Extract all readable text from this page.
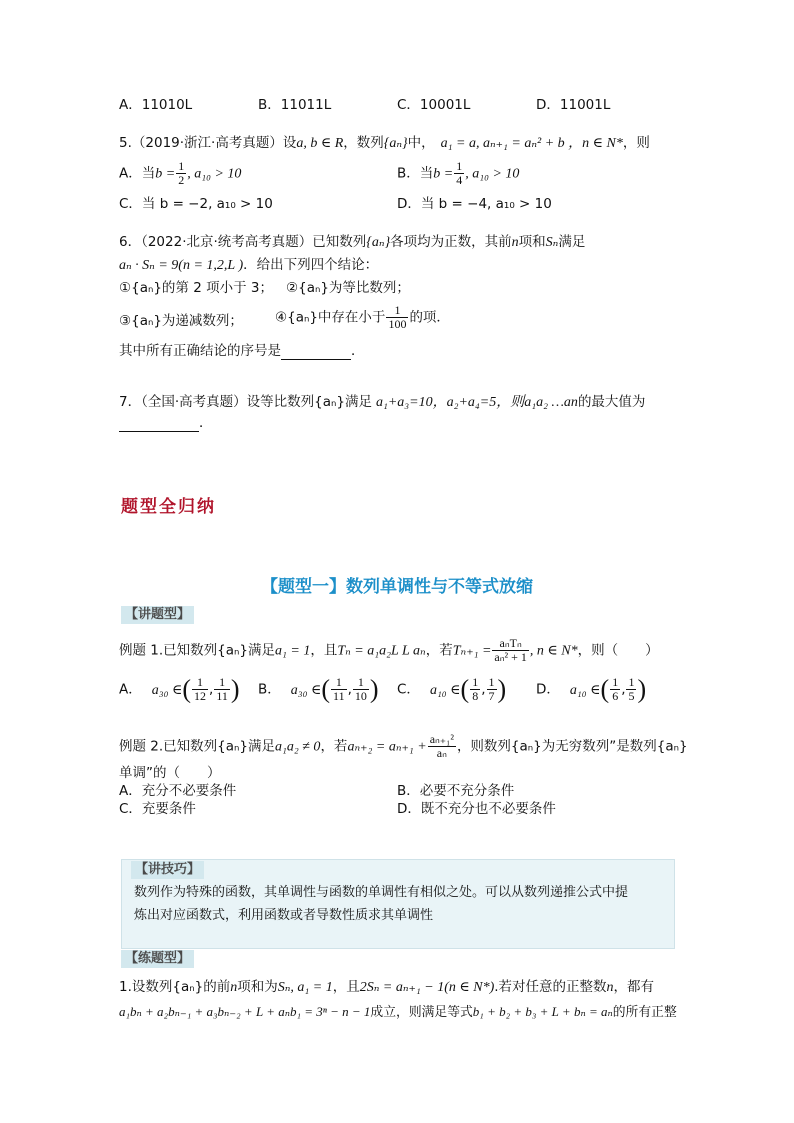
A．11010L	B．11011L	C．10001L	D．11001L
5.（2019·浙江·高考真题）设a, b ∈ R，数列{aₙ}中， a₁ = a, aₙ₊₁ = aₙ² + b ，n ∈ N*，则
A．当$b = \frac{1}{2}$ , a₁₀ > 10	B．当$b = \frac{1}{4}$ , a₁₀ > 10
C．当 b = −2, a₁₀ > 10	D．当 b = −4, a₁₀ > 10
6．（2022·北京·统考高考真题）已知数列{aₙ}各项均为正数，其前n项和Sₙ满足
aₙ · Sₙ = 9(n = 1,2,L )．给出下列四个结论：
①{aₙ}的第 2 项小于 3； ②{aₙ}为等比数列；
③{aₙ}为递减数列； ④{aₙ}中存在小于 $\frac{1}{100}$ 的项．
其中所有正确结论的序号是	．
7．（全国·高考真题）设等比数列{aₙ}满足 a₁+a₃=10，a₂+a₄=5，则a₁a₂ …an的最大值为
．
题型全归纳
【题型一】数列单调性与不等式放缩
【讲题型】
例题 1.已知数列{aₙ}满足a₁ = 1，且Tₙ = a₁a₂L L aₙ，若$T_{n+1} = \frac{\text{aₙTₙ}}{\text{aₙ² + 1}}$ , n ∈ N*，则（　　）
A． a₃₀ ∈( $\frac{1}{12}$ , $\frac{1}{11}$ ) B． a₃₀ ∈( $\frac{1}{11}$ , $\frac{1}{10}$ ) C． a₁₀ ∈( $\frac{1}{8}$ , $\frac{1}{7}$ ) D． a₁₀ ∈( $\frac{1}{6}$ , $\frac{1}{5}$ )
例题 2.已知数列{aₙ}满足a₁a₂ ≠ 0，若$a_{n+2} = a_{n+1} + \frac{\text{aₙ₊₁²}}{\text{aₙ}}$ ，则数列{aₙ}为无穷数列”是数列{aₙ}
单调”的（　　）
A．充分不必要条件	B．必要不充分条件
C．充要条件	D．既不充分也不必要条件
【讲技巧】
数列作为特殊的函数，其单调性与函数的单调性有相似之处。可以从数列递推公式中提
炼出对应函数式，利用函数或者导数性质求其单调性
【练题型】
1.设数列{aₙ}的前n项和为Sₙ, a₁ = 1，且2Sₙ = aₙ₊₁ − 1(n ∈ N*).若对任意的正整数n，都有
a₁bₙ + a₂bₙ₋₁ + a₃bₙ₋₂ + L + aₙb₁ = 3ⁿ − n − 1成立，则满足等式b₁ + b₂ + b₃ + L + bₙ = aₙ的所有正整
